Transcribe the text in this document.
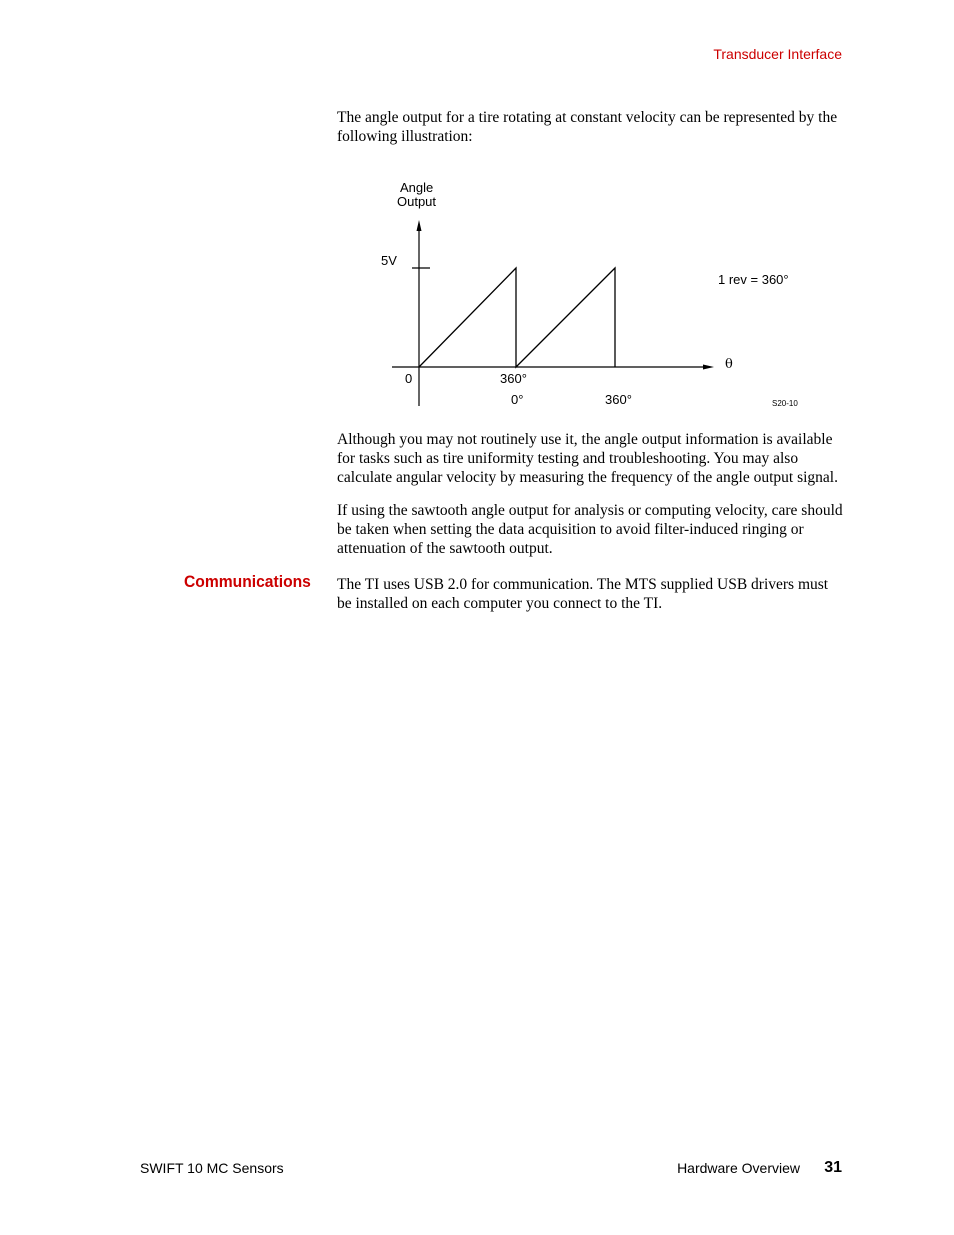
Transducer Interface

The angle output for a tire rotating at constant velocity can be represented by the following illustration:

Angle
Output
5V
0
θ
1 rev = 360°
360°
0°	360°	S20-10

Although you may not routinely use it, the angle output information is available for tasks such as tire uniformity testing and troubleshooting. You may also calculate angular velocity by measuring the frequency of the angle output signal.

If using the sawtooth angle output for analysis or computing velocity, care should be taken when setting the data acquisition to avoid filter-induced ringing or attenuation of the sawtooth output.

Communications The TI uses USB 2.0 for communication. The MTS supplied USB drivers must be installed on each computer you connect to the TI.

SWIFT 10 MC Sensors	Hardware Overview 31
